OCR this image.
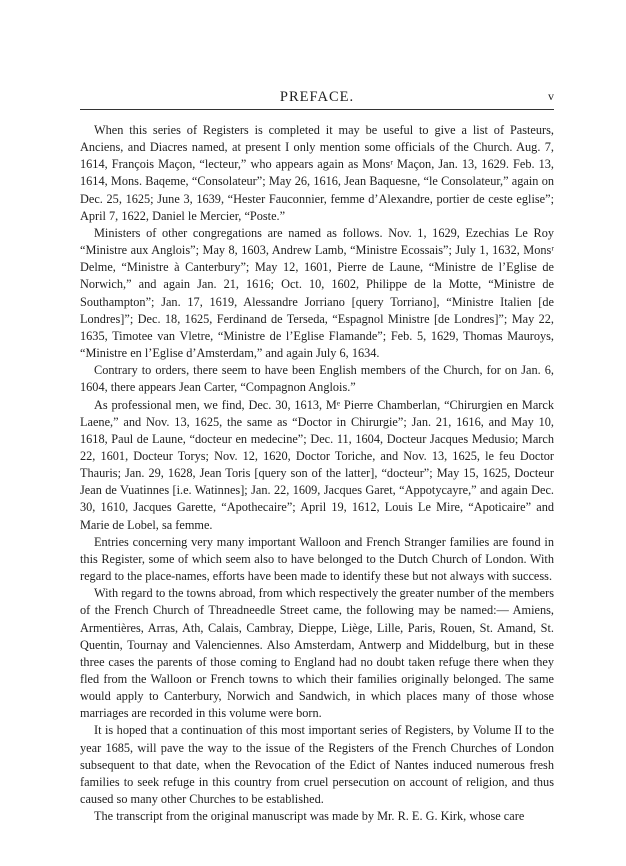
PREFACE.	v

When this series of Registers is completed it may be useful to give a list of Pasteurs, Anciens, and Diacres named, at present I only mention some officials of the Church. Aug. 7, 1614, François Maçon, “lecteur,” who appears again as Monsʳ Maçon, Jan. 13, 1629. Feb. 13, 1614, Mons. Baqeme, “Consolateur”; May 26, 1616, Jean Baquesne, “le Consolateur,” again on Dec. 25, 1625; June 3, 1639, “Hester Fauconnier, femme d’Alexandre, portier de ceste eglise”; April 7, 1622, Daniel le Mercier, “Poste.”

Ministers of other congregations are named as follows. Nov. 1, 1629, Ezechias Le Roy “Ministre aux Anglois”; May 8, 1603, Andrew Lamb, “Ministre Ecossais”; July 1, 1632, Monsʳ Delme, “Ministre à Canterbury”; May 12, 1601, Pierre de Laune, “Ministre de l’Eglise de Norwich,” and again Jan. 21, 1616; Oct. 10, 1602, Philippe de la Motte, “Ministre de Southampton”; Jan. 17, 1619, Alessandre Jorriano [query Torriano], “Ministre Italien [de Londres]”; Dec. 18, 1625, Ferdinand de Terseda, “Espagnol Ministre [de Londres]”; May 22, 1635, Timotee van Vletre, “Ministre de l’Eglise Flamande”; Feb. 5, 1629, Thomas Mauroys, “Ministre en l’Eglise d’Amsterdam,” and again July 6, 1634.

Contrary to orders, there seem to have been English members of the Church, for on Jan. 6, 1604, there appears Jean Carter, “Compagnon Anglois.”

As professional men, we find, Dec. 30, 1613, Mᵉ Pierre Chamberlan, “Chirurgien en Marck Laene,” and Nov. 13, 1625, the same as “Doctor in Chirurgie”; Jan. 21, 1616, and May 10, 1618, Paul de Laune, “docteur en medecine”; Dec. 11, 1604, Docteur Jacques Medusio; March 22, 1601, Docteur Torys; Nov. 12, 1620, Doctor Toriche, and Nov. 13, 1625, le feu Doctor Thauris; Jan. 29, 1628, Jean Toris [query son of the latter], “docteur”; May 15, 1625, Docteur Jean de Vuatinnes [i.e. Watinnes]; Jan. 22, 1609, Jacques Garet, “Appotycayre,” and again Dec. 30, 1610, Jacques Garette, “Apothecaire”; April 19, 1612, Louis Le Mire, “Apoticaire” and Marie de Lobel, sa femme.

Entries concerning very many important Walloon and French Stranger families are found in this Register, some of which seem also to have belonged to the Dutch Church of London. With regard to the place-names, efforts have been made to identify these but not always with success.

With regard to the towns abroad, from which respectively the greater number of the members of the French Church of Threadneedle Street came, the following may be named:— Amiens, Armentières, Arras, Ath, Calais, Cambray, Dieppe, Liège, Lille, Paris, Rouen, St. Amand, St. Quentin, Tournay and Valenciennes. Also Amsterdam, Antwerp and Middelburg, but in these three cases the parents of those coming to England had no doubt taken refuge there when they fled from the Walloon or French towns to which their families originally belonged. The same would apply to Canterbury, Norwich and Sandwich, in which places many of those whose marriages are recorded in this volume were born.

It is hoped that a continuation of this most important series of Registers, by Volume II to the year 1685, will pave the way to the issue of the Registers of the French Churches of London subsequent to that date, when the Revocation of the Edict of Nantes induced numerous fresh families to seek refuge in this country from cruel persecution on account of religion, and thus caused so many other Churches to be established.

The transcript from the original manuscript was made by Mr. R. E. G. Kirk, whose care
